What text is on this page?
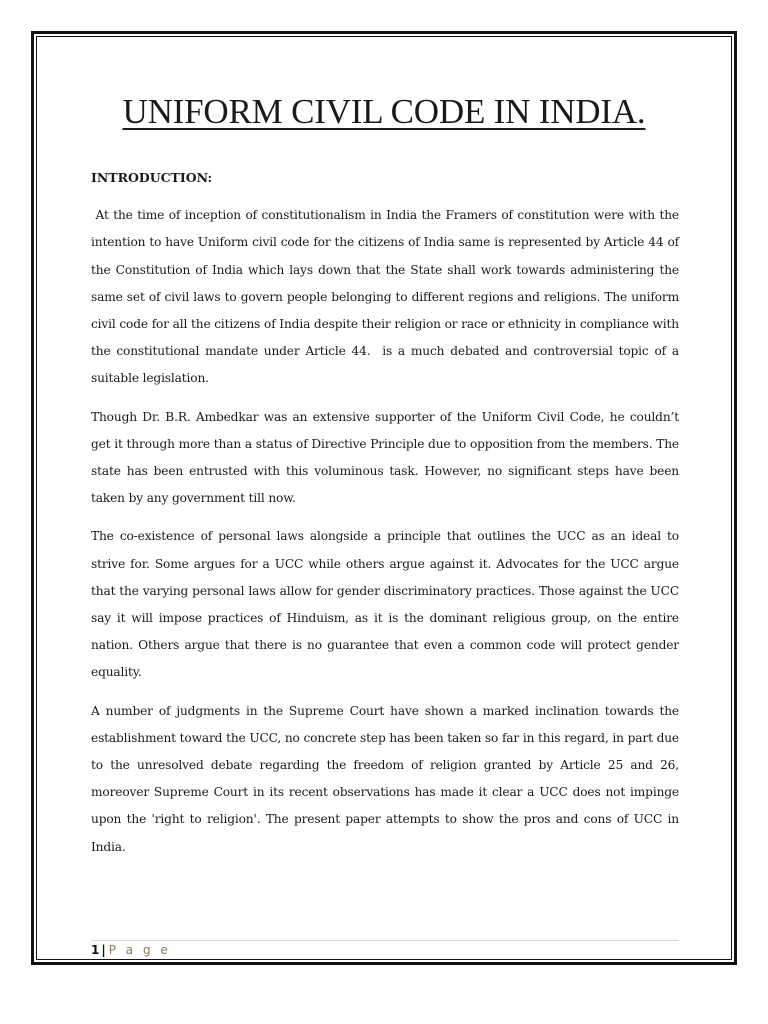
UNIFORM CIVIL CODE IN INDIA.
INTRODUCTION:

At the time of inception of constitutionalism in India the Framers of constitution were with the intention to have Uniform civil code for the citizens of India same is represented by Article 44 of the Constitution of India which lays down that the State shall work towards administering the same set of civil laws to govern people belonging to different regions and religions. The uniform civil code for all the citizens of India despite their religion or race or ethnicity in compliance with the constitutional mandate under Article 44.  is a much debated and controversial topic of a suitable legislation.

Though Dr. B.R. Ambedkar was an extensive supporter of the Uniform Civil Code, he couldn’t get it through more than a status of Directive Principle due to opposition from the members. The state has been entrusted with this voluminous task. However, no significant steps have been taken by any government till now.

The co-existence of personal laws alongside a principle that outlines the UCC as an ideal to strive for. Some argues for a UCC while others argue against it. Advocates for the UCC argue that the varying personal laws allow for gender discriminatory practices. Those against the UCC say it will impose practices of Hinduism, as it is the dominant religious group, on the entire nation. Others argue that there is no guarantee that even a common code will protect gender equality.

A number of judgments in the Supreme Court have shown a marked inclination towards the establishment toward the UCC, no concrete step has been taken so far in this regard, in part due to the unresolved debate regarding the freedom of religion granted by Article 25 and 26, moreover Supreme Court in its recent observations has made it clear a UCC does not impinge upon the 'right to religion'. The present paper attempts to show the pros and cons of UCC in India.

1 | P a g e
